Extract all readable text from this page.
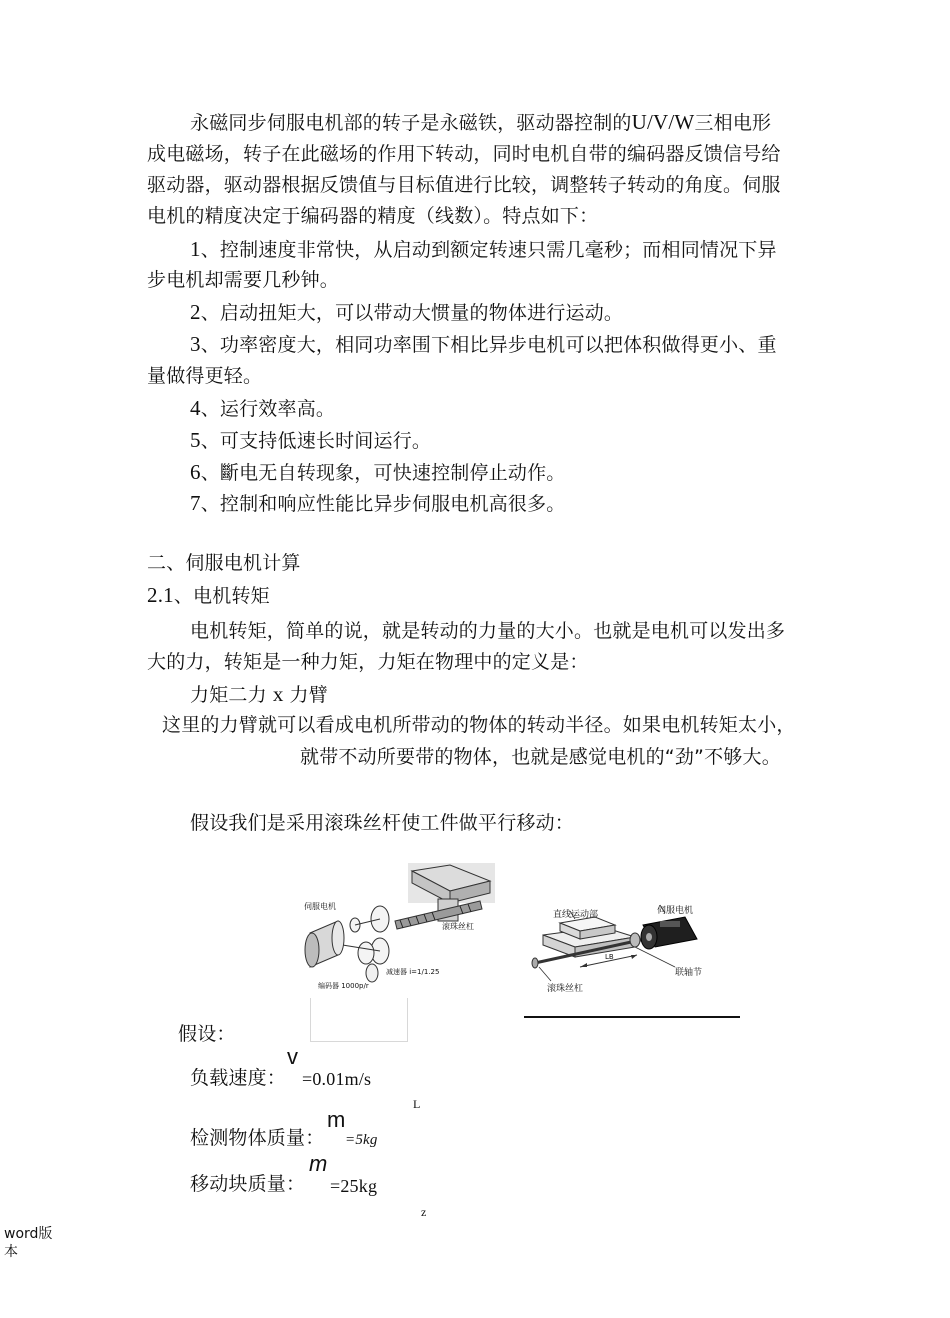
永磁同步伺服电机部的转子是永磁铁，驱动器控制的U/V/W三相电形
成电磁场，转子在此磁场的作用下转动，同时电机自带的编码器反馈信号给
驱动器，驱动器根据反馈值与目标值进行比较，调整转子转动的角度。伺服
电机的精度决定于编码器的精度（线数）。特点如下：
1、控制速度非常快，从启动到额定转速只需几毫秒；而相同情况下异
步电机却需要几秒钟。
2、启动扭矩大，可以带动大惯量的物体进行运动。
3、功率密度大，相同功率围下相比异步电机可以把体积做得更小、重
量做得更轻。
4、运行效率高。
5、可支持低速长时间运行。
6、斷电无自转现象，可快速控制停止动作。
7、控制和响应性能比异步伺服电机高很多。
二、伺服电机计算
2.1、电机转矩
电机转矩，简单的说，就是转动的力量的大小。也就是电机可以发出多
大的力，转矩是一种力矩，力矩在物理中的定义是：
力矩二力 x 力臂
这里的力臂就可以看成电机所带动的物体的转动半径。如果电机转矩太小，
就带不动所要带的物体，也就是感觉电机的“劲”不够大。
假设我们是采用滚珠丝杆使工件做平行移动：
伺服电机
滚珠丝杠
减速器 i=1/1.25
编码器 1000p/r
直线运动部	伺服电机
LB
联轴节
滚珠丝杠
假设：
负载速度：
v
=0.01m/s
L
检测物体质量：
m
=5kg
移动块质量：
m
=25kg
z
word版
本
